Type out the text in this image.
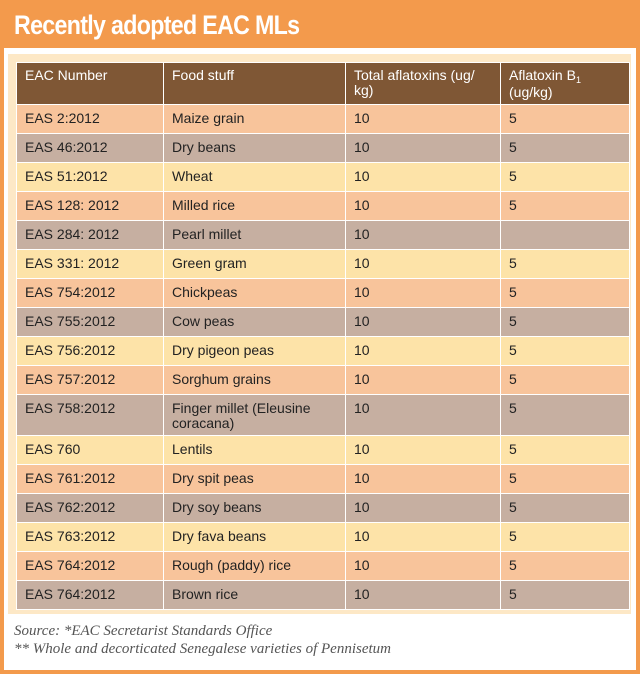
Recently adopted EAC MLs
EAC Number	Food stuff	Total aflatoxins (ug/ kg)	Aflatoxin $B_1$ (ug/kg)
EAS 2:2012	Maize grain	10	5
EAS 46:2012	Dry beans	10	5
EAS 51:2012	Wheat	10	5
EAS 128: 2012	Milled rice	10	5
EAS 284: 2012	Pearl millet	10	
EAS 331: 2012	Green gram	10	5
EAS 754:2012	Chickpeas	10	5
EAS 755:2012	Cow peas	10	5
EAS 756:2012	Dry pigeon peas	10	5
EAS 757:2012	Sorghum grains	10	5
EAS 758:2012	Finger millet (Eleusine coracana)	10	5
EAS 760	Lentils	10	5
EAS 761:2012	Dry spit peas	10	5
EAS 762:2012	Dry soy beans	10	5
EAS 763:2012	Dry fava beans	10	5
EAS 764:2012	Rough (paddy) rice	10	5
EAS 764:2012	Brown rice	10	5
Source: *EAC Secretarist Standards Office
** Whole and decorticated Senegalese varieties of Pennisetum
